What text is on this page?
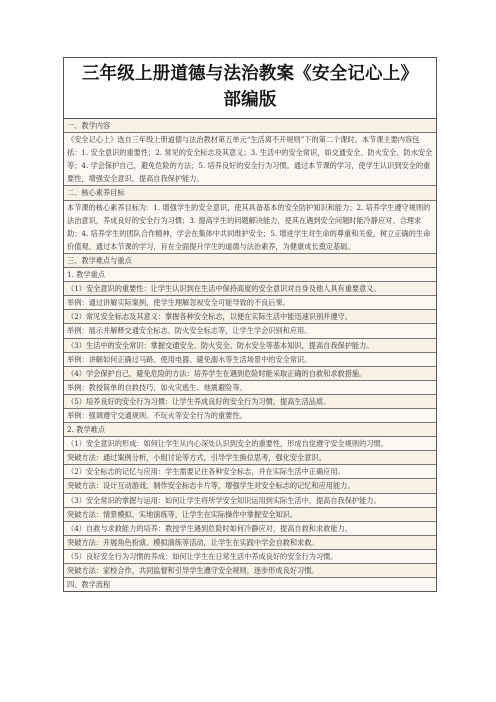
三年级上册道德与法治教案《安全记心上》
部编版
一、教学内容
《安全记心上》选自三年级上册道德与法治教材第五单元“生活离不开规则”下的第二个课时。本节课主要内容包括：1. 安全意识的重要性；2. 常见的安全标志及其意义；3. 生活中的安全常识，如交通安全、防火安全、防水安全等；4. 学会保护自己，避免危险的方法；5. 培养良好的安全行为习惯。通过本节课的学习，使学生认识到安全的重要性，增强安全意识，提高自我保护能力。
二、核心素养目标
本节课的核心素养目标为：1. 增强学生的安全意识，使其具备基本的安全防护知识和能力；2. 培养学生遵守规则的法治意识，养成良好的安全行为习惯；3. 提高学生的问题解决能力，使其在遇到安全问题时能冷静应对、合理求助；4. 培养学生的团队合作精神，学会在集体中共同维护安全；5. 增进学生对生命的尊重和关爱，树立正确的生命价值观。通过本节课的学习，旨在全面提升学生的道德与法治素养，为健康成长奠定基础。
三、教学难点与重点
1. 教学重点
（1）安全意识的重要性：让学生认识到在生活中保持高度的安全意识对自身及他人具有重要意义。
举例：通过讲解实际案例，使学生理解忽视安全可能导致的不良后果。
（2）常见安全标志及其意义：掌握各种安全标志，以便在实际生活中能迅速识别并遵守。
举例：展示并解释交通安全标志、防火安全标志等，让学生学会识别和应用。
（3）生活中的安全常识：掌握交通安全、防火安全、防水安全等基本知识，提高自我保护能力。
举例：讲解如何正确过马路、使用电器、避免溺水等生活场景中的安全常识。
（4）学会保护自己，避免危险的方法：培养学生在遇到危险时能采取正确的自救和求救措施。
举例：教授简单的自救技巧，如火灾逃生、地震避险等。
（5）培养良好的安全行为习惯：让学生养成良好的安全行为习惯，提高生活品质。
举例：强调遵守交通规则、不玩火等安全行为的重要性。
2. 教学难点
（1）安全意识的形成：如何让学生从内心深处认识到安全的重要性，形成自觉遵守安全规则的习惯。
突破方法：通过案例分析，小组讨论等方式，引导学生换位思考，强化安全意识。
（2）安全标志的记忆与应用：学生需要记住各种安全标志，并在实际生活中正确应用。
突破方法：设计互动游戏、制作安全标志卡片等，增强学生对安全标志的记忆和应用能力。
（3）安全常识的掌握与运用：如何让学生将所学安全知识运用到实际生活中，提高自我保护能力。
突破方法：情景模拟、实地演练等，让学生在实际操作中掌握安全知识。
（4）自救与求救能力的培养：教授学生遇到危险时如何冷静应对，提高自救和求救能力。
突破方法：开展角色扮演、模拟演练等活动，让学生在实践中学会自救和求救。
（5）良好安全行为习惯的养成：如何让学生在日常生活中养成良好的安全行为习惯。
突破方法：家校合作，共同监督和引导学生遵守安全规则，逐步形成良好习惯。
四、教学流程
